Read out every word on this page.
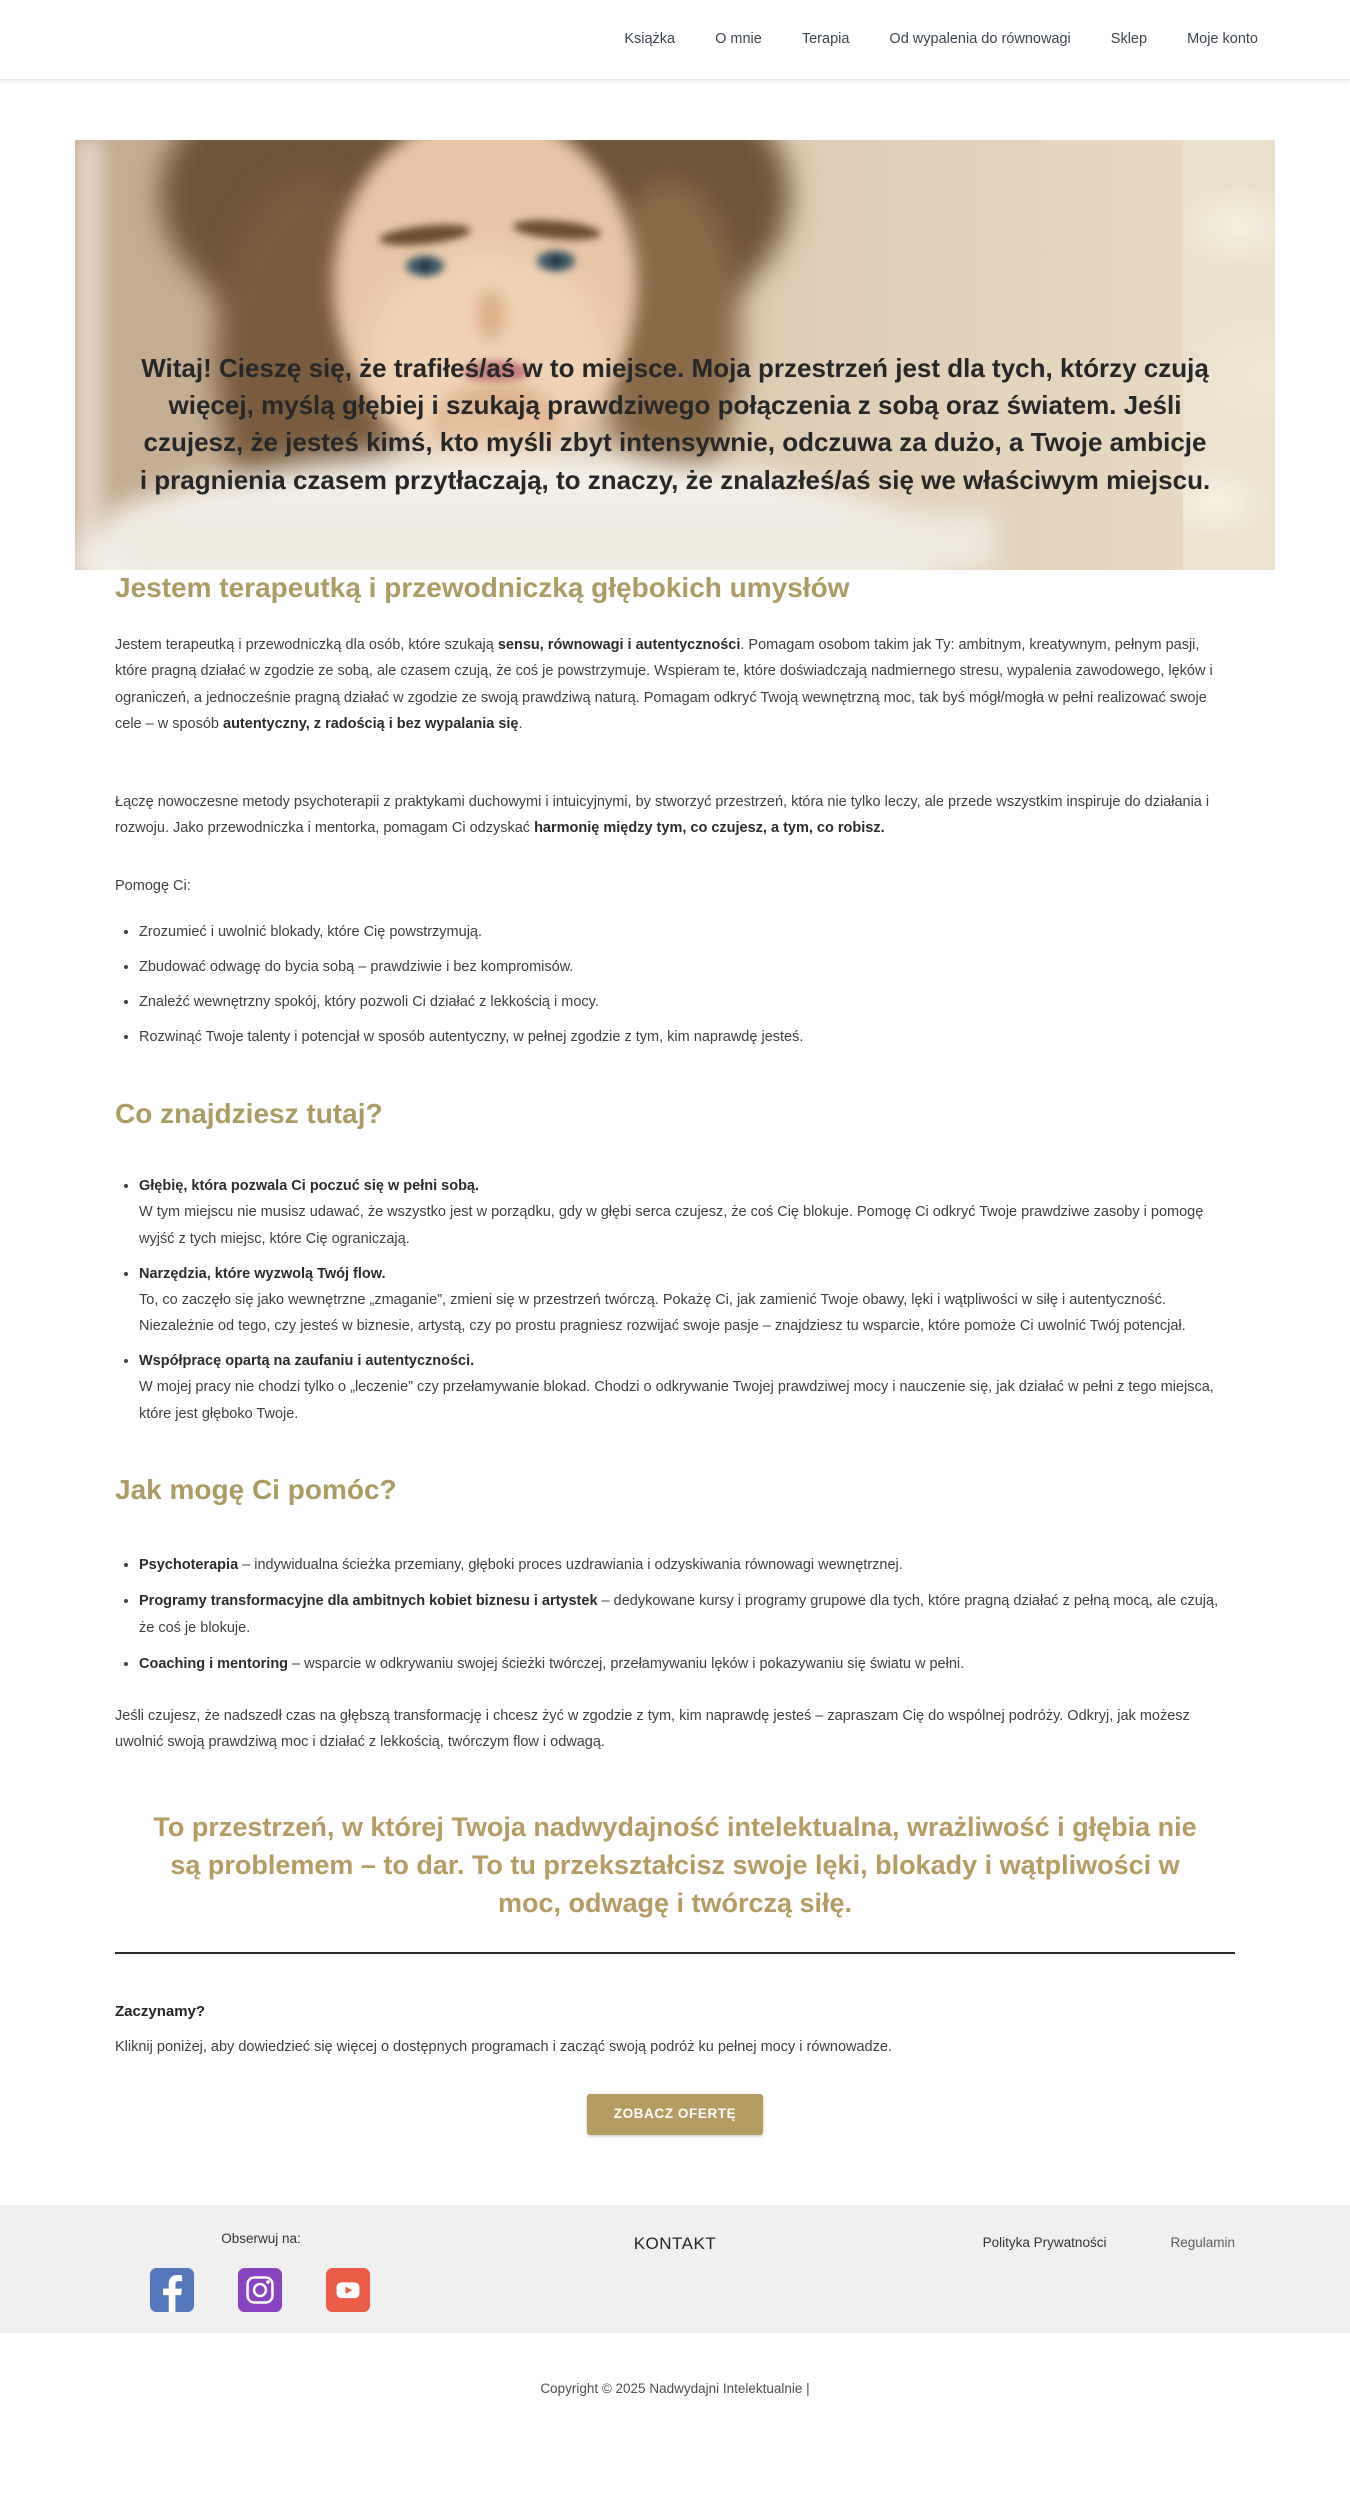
Książka	O mnie	Terapia	Od wypalenia do równowagi	Sklep	Moje konto

Witaj! Cieszę się, że trafiłeś/aś w to miejsce. Moja przestrzeń jest dla tych, którzy czują więcej, myślą głębiej i szukają prawdziwego połączenia z sobą oraz światem. Jeśli czujesz, że jesteś kimś, kto myśli zbyt intensywnie, odczuwa za dużo, a Twoje ambicje i pragnienia czasem przytłaczają, to znaczy, że znalazłeś/aś się we właściwym miejscu.

Jestem terapeutką i przewodniczką głębokich umysłów

Jestem terapeutką i przewodniczką dla osób, które szukają sensu, równowagi i autentyczności. Pomagam osobom takim jak Ty: ambitnym, kreatywnym, pełnym pasji, które pragną działać w zgodzie ze sobą, ale czasem czują, że coś je powstrzymuje. Wspieram te, które doświadczają nadmiernego stresu, wypalenia zawodowego, lęków i ograniczeń, a jednocześnie pragną działać w zgodzie ze swoją prawdziwą naturą. Pomagam odkryć Twoją wewnętrzną moc, tak byś mógł/mogła w pełni realizować swoje cele – w sposób autentyczny, z radością i bez wypalania się.

Łączę nowoczesne metody psychoterapii z praktykami duchowymi i intuicyjnymi, by stworzyć przestrzeń, która nie tylko leczy, ale przede wszystkim inspiruje do działania i rozwoju. Jako przewodniczka i mentorka, pomagam Ci odzyskać harmonię między tym, co czujesz, a tym, co robisz.

Pomogę Ci:

• Zrozumieć i uwolnić blokady, które Cię powstrzymują.
• Zbudować odwagę do bycia sobą – prawdziwie i bez kompromisów.
• Znaleźć wewnętrzny spokój, który pozwoli Ci działać z lekkością i mocy.
• Rozwinąć Twoje talenty i potencjał w sposób autentyczny, w pełnej zgodzie z tym, kim naprawdę jesteś.
Co znajdziesz tutaj?
• Głębię, która pozwala Ci poczuć się w pełni sobą.
W tym miejscu nie musisz udawać, że wszystko jest w porządku, gdy w głębi serca czujesz, że coś Cię blokuje. Pomogę Ci odkryć Twoje prawdziwe zasoby i pomogę wyjść z tych miejsc, które Cię ograniczają.
• Narzędzia, które wyzwolą Twój flow.
To, co zaczęło się jako wewnętrzne „zmaganie”, zmieni się w przestrzeń twórczą. Pokażę Ci, jak zamienić Twoje obawy, lęki i wątpliwości w siłę i autentyczność. Niezależnie od tego, czy jesteś w biznesie, artystą, czy po prostu pragniesz rozwijać swoje pasje – znajdziesz tu wsparcie, które pomoże Ci uwolnić Twój potencjał.
• Współpracę opartą na zaufaniu i autentyczności.
W mojej pracy nie chodzi tylko o „leczenie” czy przełamywanie blokad. Chodzi o odkrywanie Twojej prawdziwej mocy i nauczenie się, jak działać w pełni z tego miejsca, które jest głęboko Twoje.
Jak mogę Ci pomóc?
• Psychoterapia – indywidualna ścieżka przemiany, głęboki proces uzdrawiania i odzyskiwania równowagi wewnętrznej.
• Programy transformacyjne dla ambitnych kobiet biznesu i artystek – dedykowane kursy i programy grupowe dla tych, które pragną działać z pełną mocą, ale czują, że coś je blokuje.
• Coaching i mentoring – wsparcie w odkrywaniu swojej ścieżki twórczej, przełamywaniu lęków i pokazywaniu się światu w pełni.

Jeśli czujesz, że nadszedł czas na głębszą transformację i chcesz żyć w zgodzie z tym, kim naprawdę jesteś – zapraszam Cię do wspólnej podróży. Odkryj, jak możesz uwolnić swoją prawdziwą moc i działać z lekkością, twórczym flow i odwagą.

To przestrzeń, w której Twoja nadwydajność intelektualna, wrażliwość i głębia nie są problemem – to dar. To tu przekształcisz swoje lęki, blokady i wątpliwości w moc, odwagę i twórczą siłę.

Zaczynamy?

Kliknij poniżej, aby dowiedzieć się więcej o dostępnych programach i zacząć swoją podróż ku pełnej mocy i równowadze.

ZOBACZ OFERTĘ
Obserwuj na:	KONTAKT	Polityka Prywatności	Regulamin
Copyright © 2025 Nadwydajni Intelektualnie |
